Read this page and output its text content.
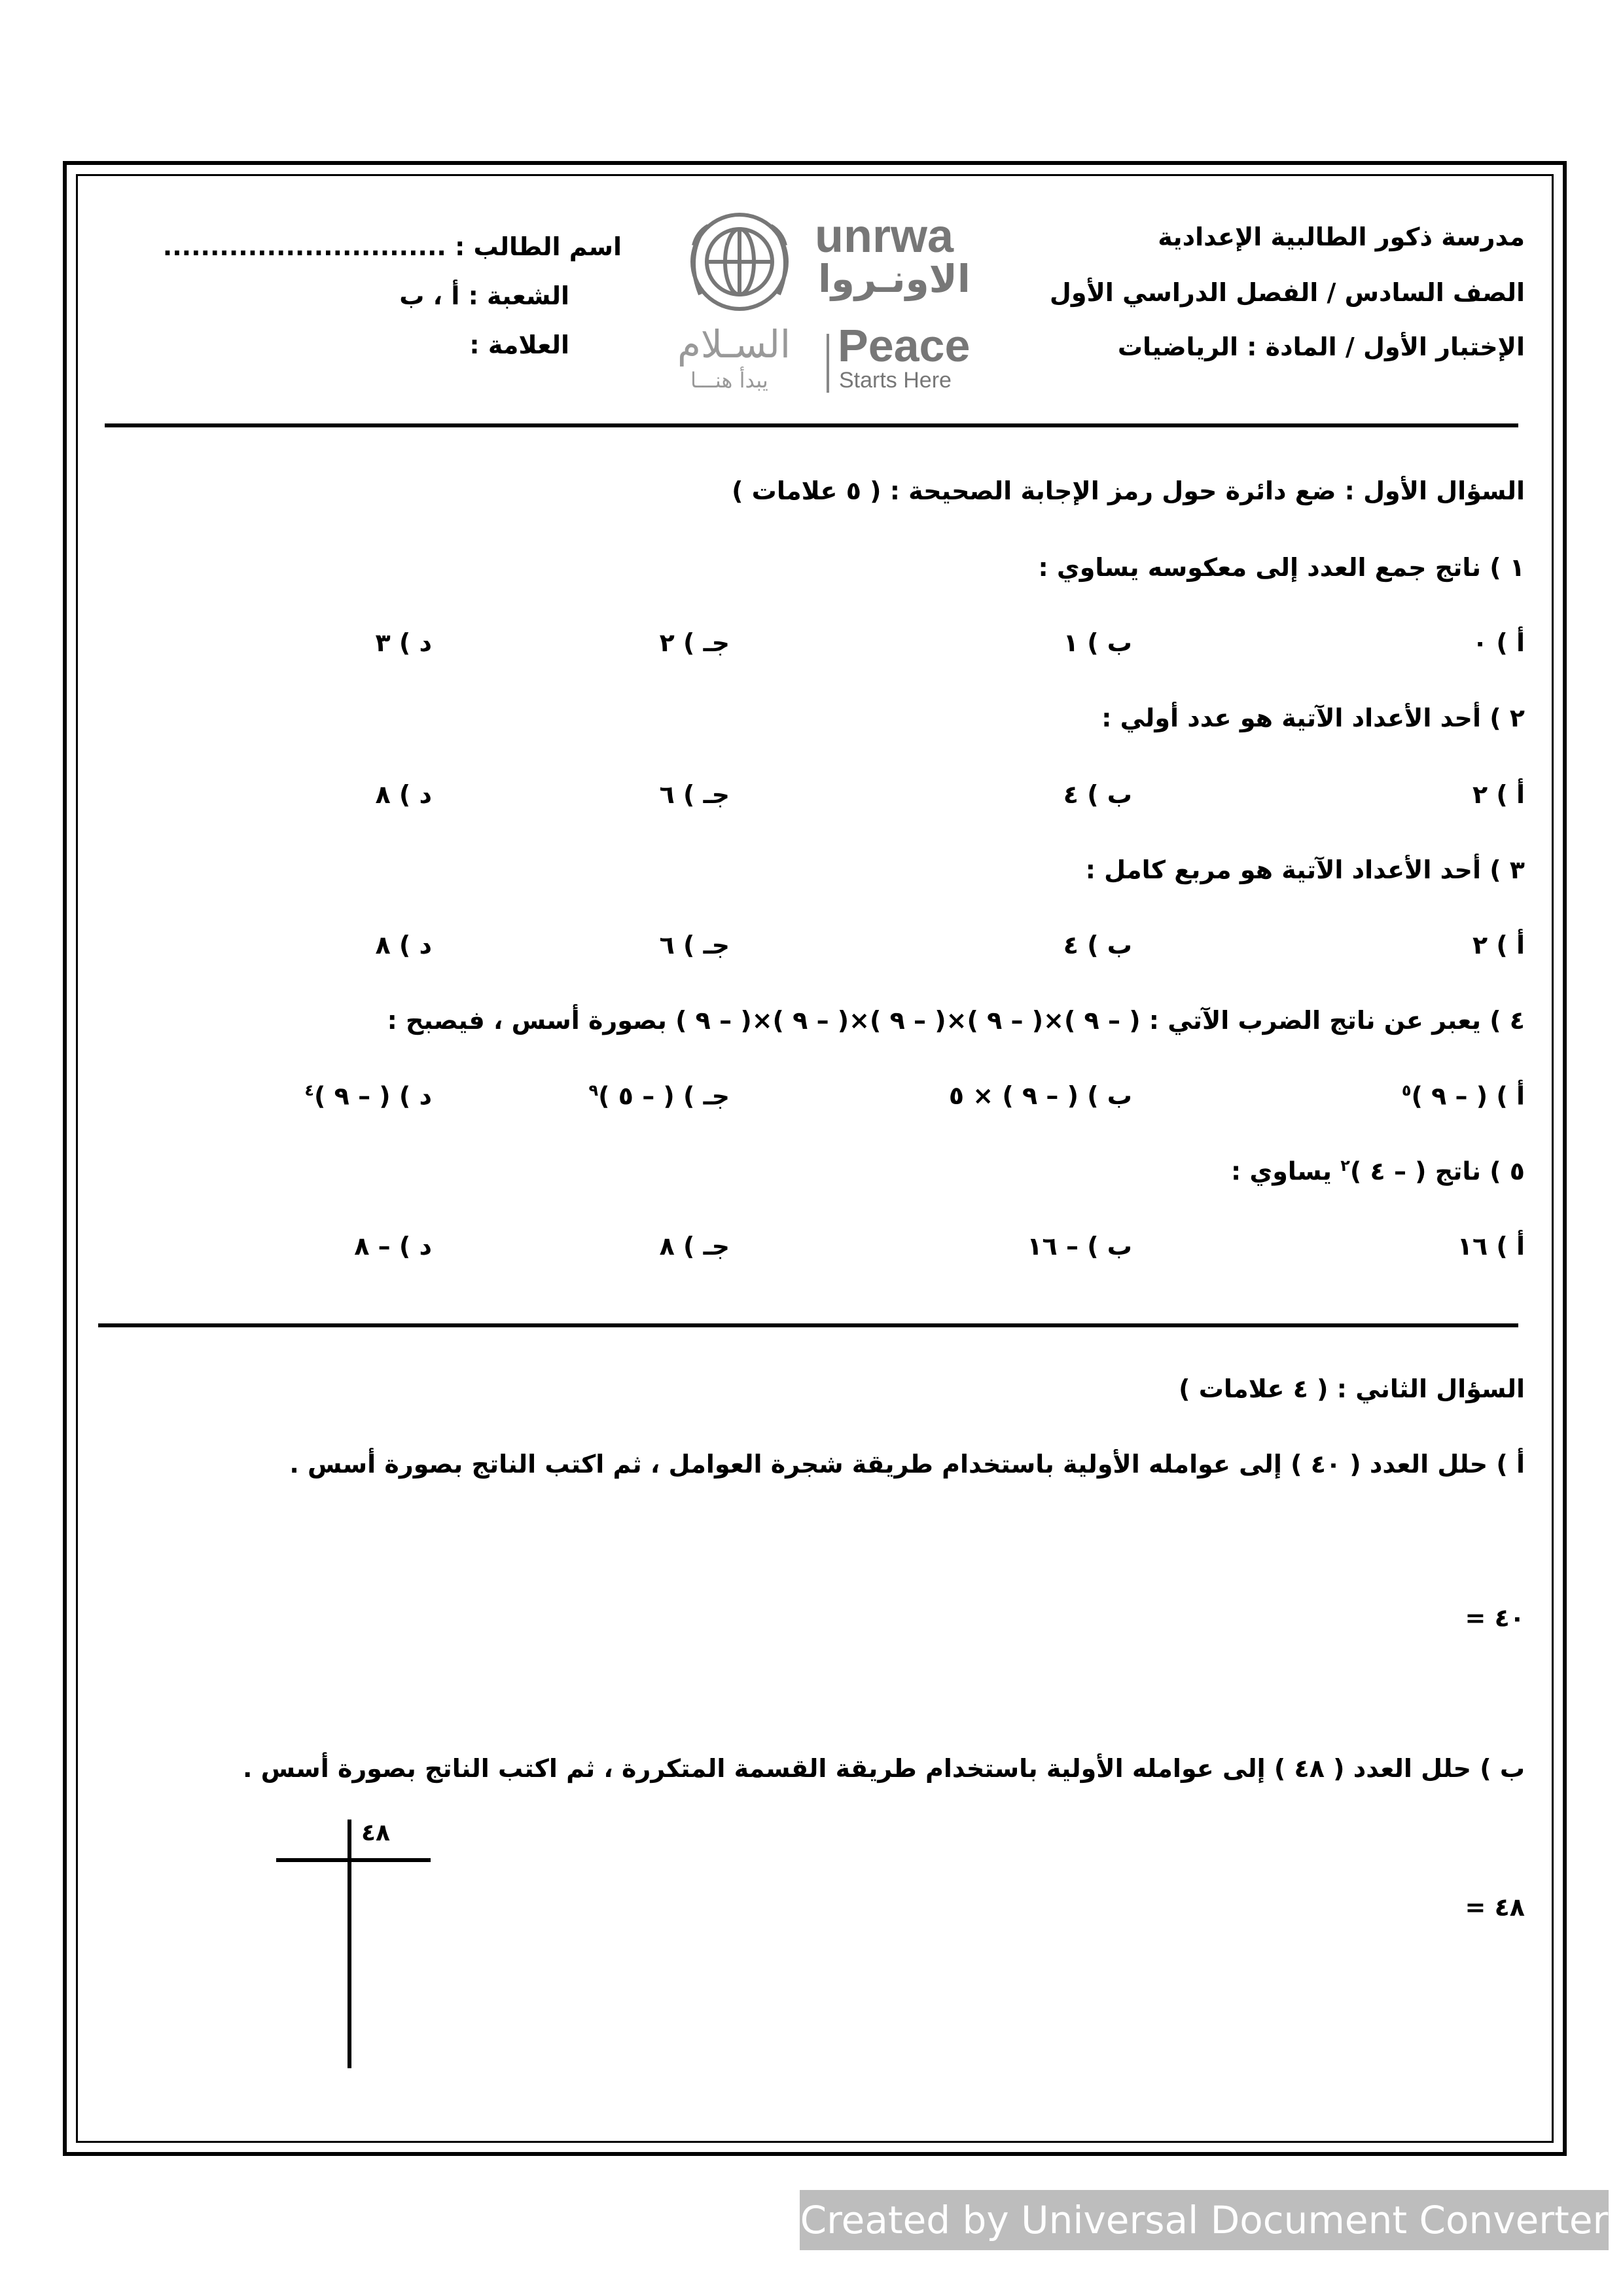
مدرسة ذكور الطالبية الإعدادية
الصف السادس / الفصل الدراسي الأول
الإختبار الأول / المادة : الرياضيات
اسم الطالب : ..............................
الشعبة : أ ، ب
العلامة :
unrwa
الاونـروا
Peace
Starts Here
السـلام
يبدأ هنـــا
السؤال الأول : ضع دائرة حول رمز الإجابة الصحيحة : ( ٥ علامات )
١ ) ناتج جمع العدد إلى معكوسه يساوي :
أ ) ٠
ب ) ١
جـ ) ٢
د ) ٣
٢ ) أحد الأعداد الآتية هو عدد أولي :
أ ) ٢
ب ) ٤
جـ ) ٦
د ) ٨
٣ ) أحد الأعداد الآتية هو مربع كامل :
أ ) ٢
ب ) ٤
جـ ) ٦
د ) ٨
٤ ) يعبر عن ناتج الضرب الآتي : ( – ٩ )×( – ٩ )×( – ٩ )×( – ٩ )×( – ٩ ) بصورة أسس ، فيصبح :
أ ) ( – ٩ )$^٥$
ب ) ( – ٩ ) × ٥
جـ ) ( – ٥ )$^٩$
د ) ( – ٩ )$^٤$
٥ ) ناتج ( – ٤ )$^٢$ يساوي :
أ ) ١٦
ب ) – ١٦
جـ ) ٨
د ) – ٨
السؤال الثاني : ( ٤ علامات )
أ ) حلل العدد ( ٤٠ ) إلى عوامله الأولية باستخدام طريقة شجرة العوامل ، ثم اكتب الناتج بصورة أسس .
٤٠ =
ب ) حلل العدد ( ٤٨ ) إلى عوامله الأولية باستخدام طريقة القسمة المتكررة ، ثم اكتب الناتج بصورة أسس .
٤٨ =
٤٨
Created by Universal Document Converter
